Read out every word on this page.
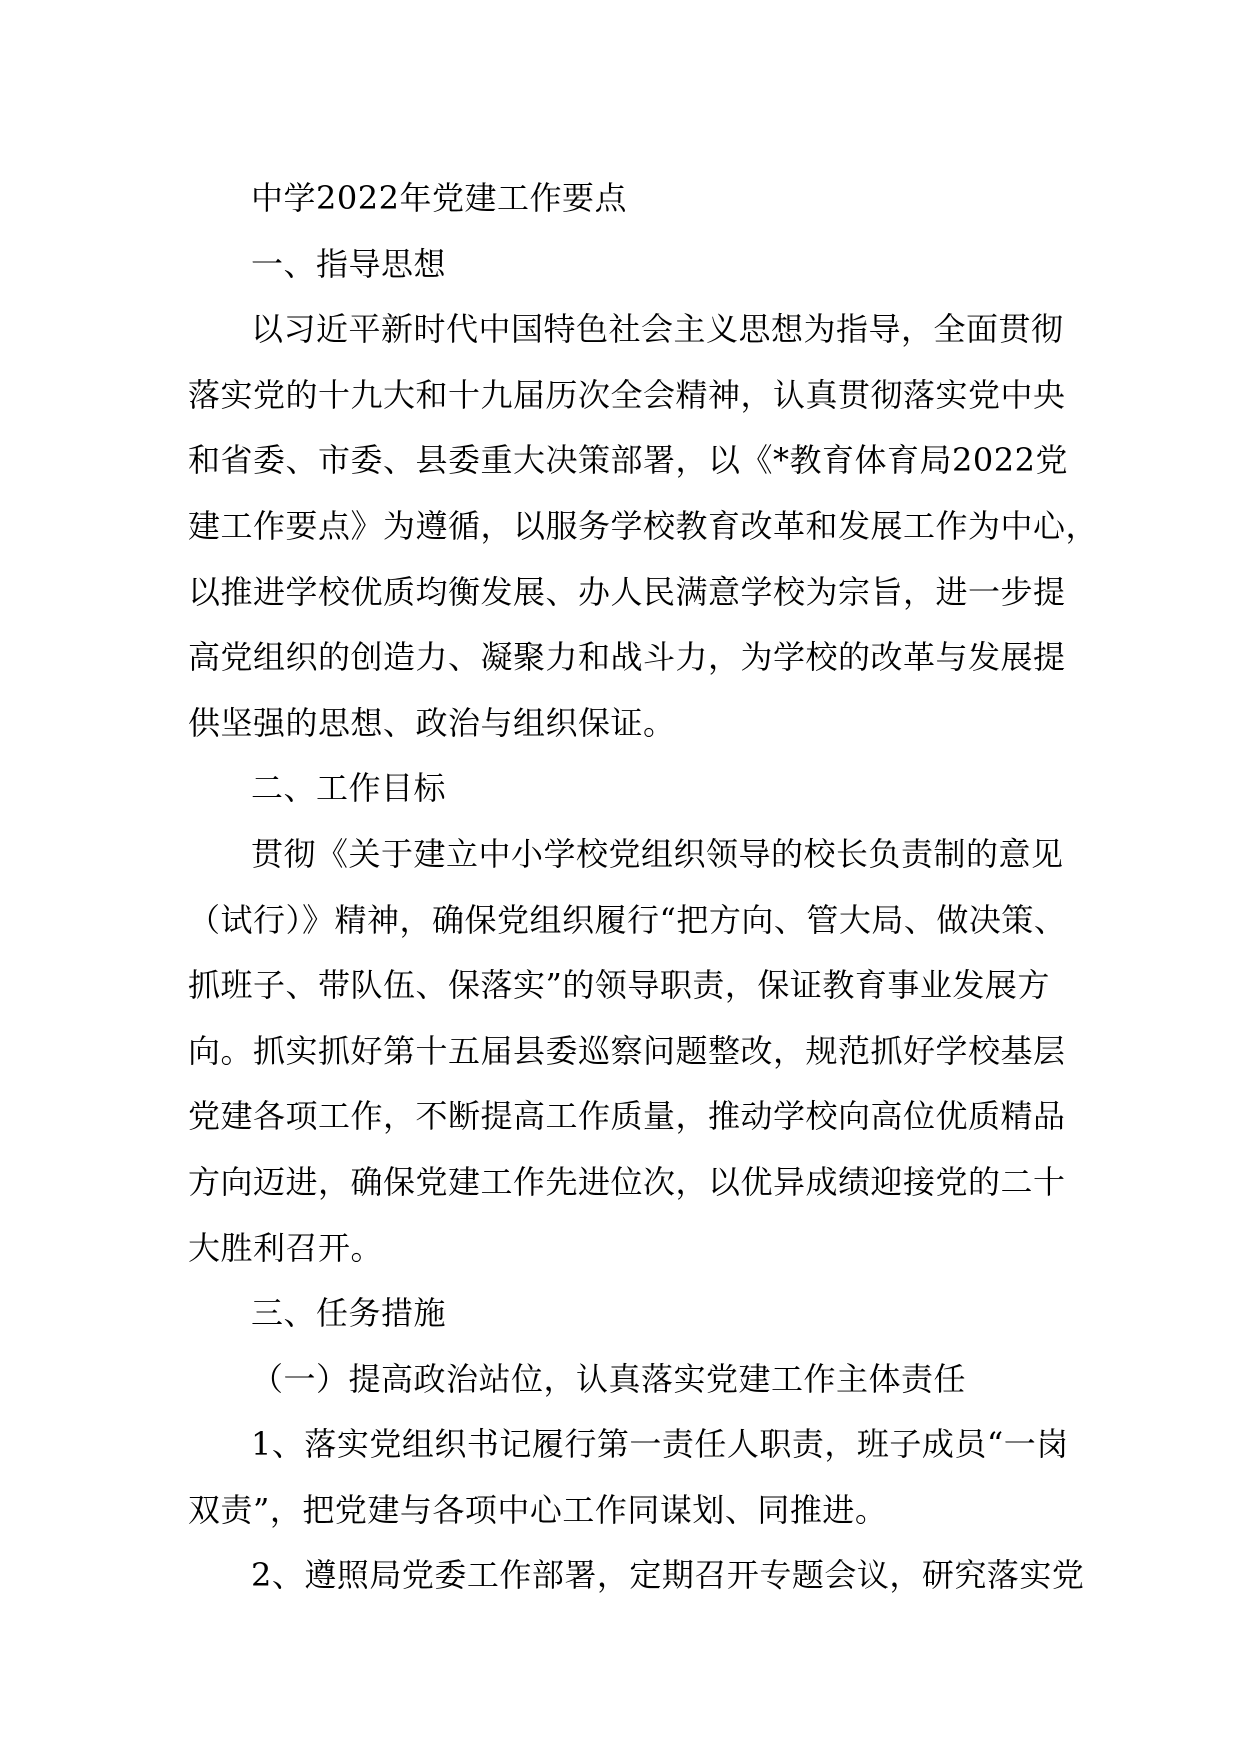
中学2022年党建工作要点
一、指导思想
以习近平新时代中国特色社会主义思想为指导，全面贯彻
落实党的十九大和十九届历次全会精神，认真贯彻落实党中央
和省委、市委、县委重大决策部署，以《*教育体育局2022党
建工作要点》为遵循，以服务学校教育改革和发展工作为中心，
以推进学校优质均衡发展、办人民满意学校为宗旨，进一步提
高党组织的创造力、凝聚力和战斗力，为学校的改革与发展提
供坚强的思想、政治与组织保证。
二、工作目标
贯彻《关于建立中小学校党组织领导的校长负责制的意见
（试行）》精神，确保党组织履行“把方向、管大局、做决策、
抓班子、带队伍、保落实”的领导职责，保证教育事业发展方
向。抓实抓好第十五届县委巡察问题整改，规范抓好学校基层
党建各项工作，不断提高工作质量，推动学校向高位优质精品
方向迈进，确保党建工作先进位次，以优异成绩迎接党的二十
大胜利召开。
三、任务措施
（一）提高政治站位，认真落实党建工作主体责任
1、落实党组织书记履行第一责任人职责，班子成员“一岗
双责”，把党建与各项中心工作同谋划、同推进。
2、遵照局党委工作部署，定期召开专题会议，研究落实党
